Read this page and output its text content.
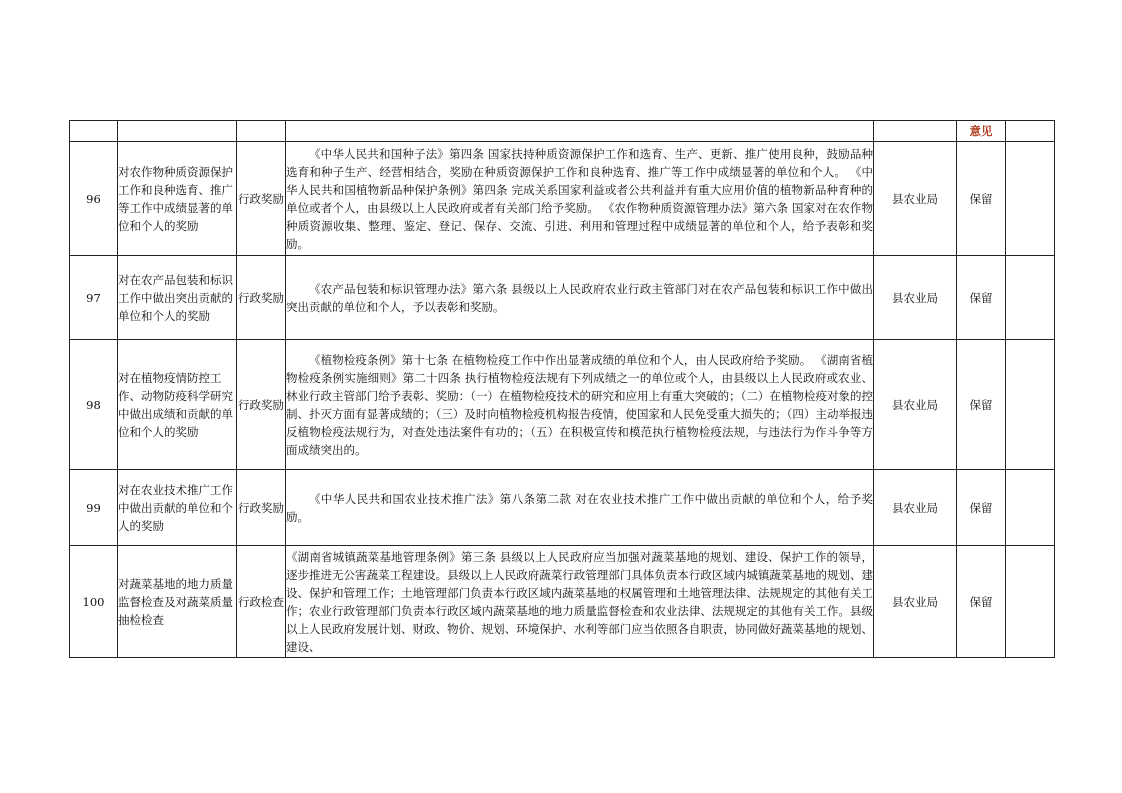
					意见	
96	对农作物种质资源保护工作和良种选育、推广等工作中成绩显著的单位和个人的奖励	行政奖励	《中华人民共和国种子法》第四条 国家扶持种质资源保护工作和选育、生产、更新、推广使用良种，鼓励品种选育和种子生产、经营相结合，奖励在种质资源保护工作和良种选育、推广等工作中成绩显著的单位和个人。 《中华人民共和国植物新品种保护条例》第四条 完成关系国家利益或者公共利益并有重大应用价值的植物新品种育种的单位或者个人，由县级以上人民政府或者有关部门给予奖励。 《农作物种质资源管理办法》第六条 国家对在农作物种质资源收集、整理、鉴定、登记、保存、交流、引进、利用和管理过程中成绩显著的单位和个人，给予表彰和奖励。	县农业局	保留	
97	对在农产品包装和标识工作中做出突出贡献的单位和个人的奖励	行政奖励	《农产品包装和标识管理办法》第六条 县级以上人民政府农业行政主管部门对在农产品包装和标识工作中做出突出贡献的单位和个人，予以表彰和奖励。	县农业局	保留	
98	对在植物疫情防控工作、动物防疫科学研究中做出成绩和贡献的单位和个人的奖励	行政奖励	《植物检疫条例》第十七条 在植物检疫工作中作出显著成绩的单位和个人，由人民政府给予奖励。 《湖南省植物检疫条例实施细则》第二十四条 执行植物检疫法规有下列成绩之一的单位或个人，由县级以上人民政府或农业、林业行政主管部门给予表彰、奖励：（一）在植物检疫技术的研究和应用上有重大突破的；（二）在植物检疫对象的控制、扑灭方面有显著成绩的；（三）及时向植物检疫机构报告疫情，使国家和人民免受重大损失的；（四）主动举报违反植物检疫法规行为，对查处违法案件有功的；（五）在积极宣传和模范执行植物检疫法规，与违法行为作斗争等方面成绩突出的。	县农业局	保留	
99	对在农业技术推广工作中做出贡献的单位和个人的奖励	行政奖励	《中华人民共和国农业技术推广法》第八条第二款 对在农业技术推广工作中做出贡献的单位和个人，给予奖励。	县农业局	保留	
100	对蔬菜基地的地力质量监督检查及对蔬菜质量抽检检查	行政检查	《湖南省城镇蔬菜基地管理条例》第三条 县级以上人民政府应当加强对蔬菜基地的规划、建设、保护工作的领导，逐步推进无公害蔬菜工程建设。县级以上人民政府蔬菜行政管理部门具体负责本行政区域内城镇蔬菜基地的规划、建设、保护和管理工作；土地管理部门负责本行政区域内蔬菜基地的权属管理和土地管理法律、法规规定的其他有关工作；农业行政管理部门负责本行政区域内蔬菜基地的地力质量监督检查和农业法律、法规规定的其他有关工作。县级以上人民政府发展计划、财政、物价、规划、环境保护、水利等部门应当依照各自职责，协同做好蔬菜基地的规划、建设、	县农业局	保留	
